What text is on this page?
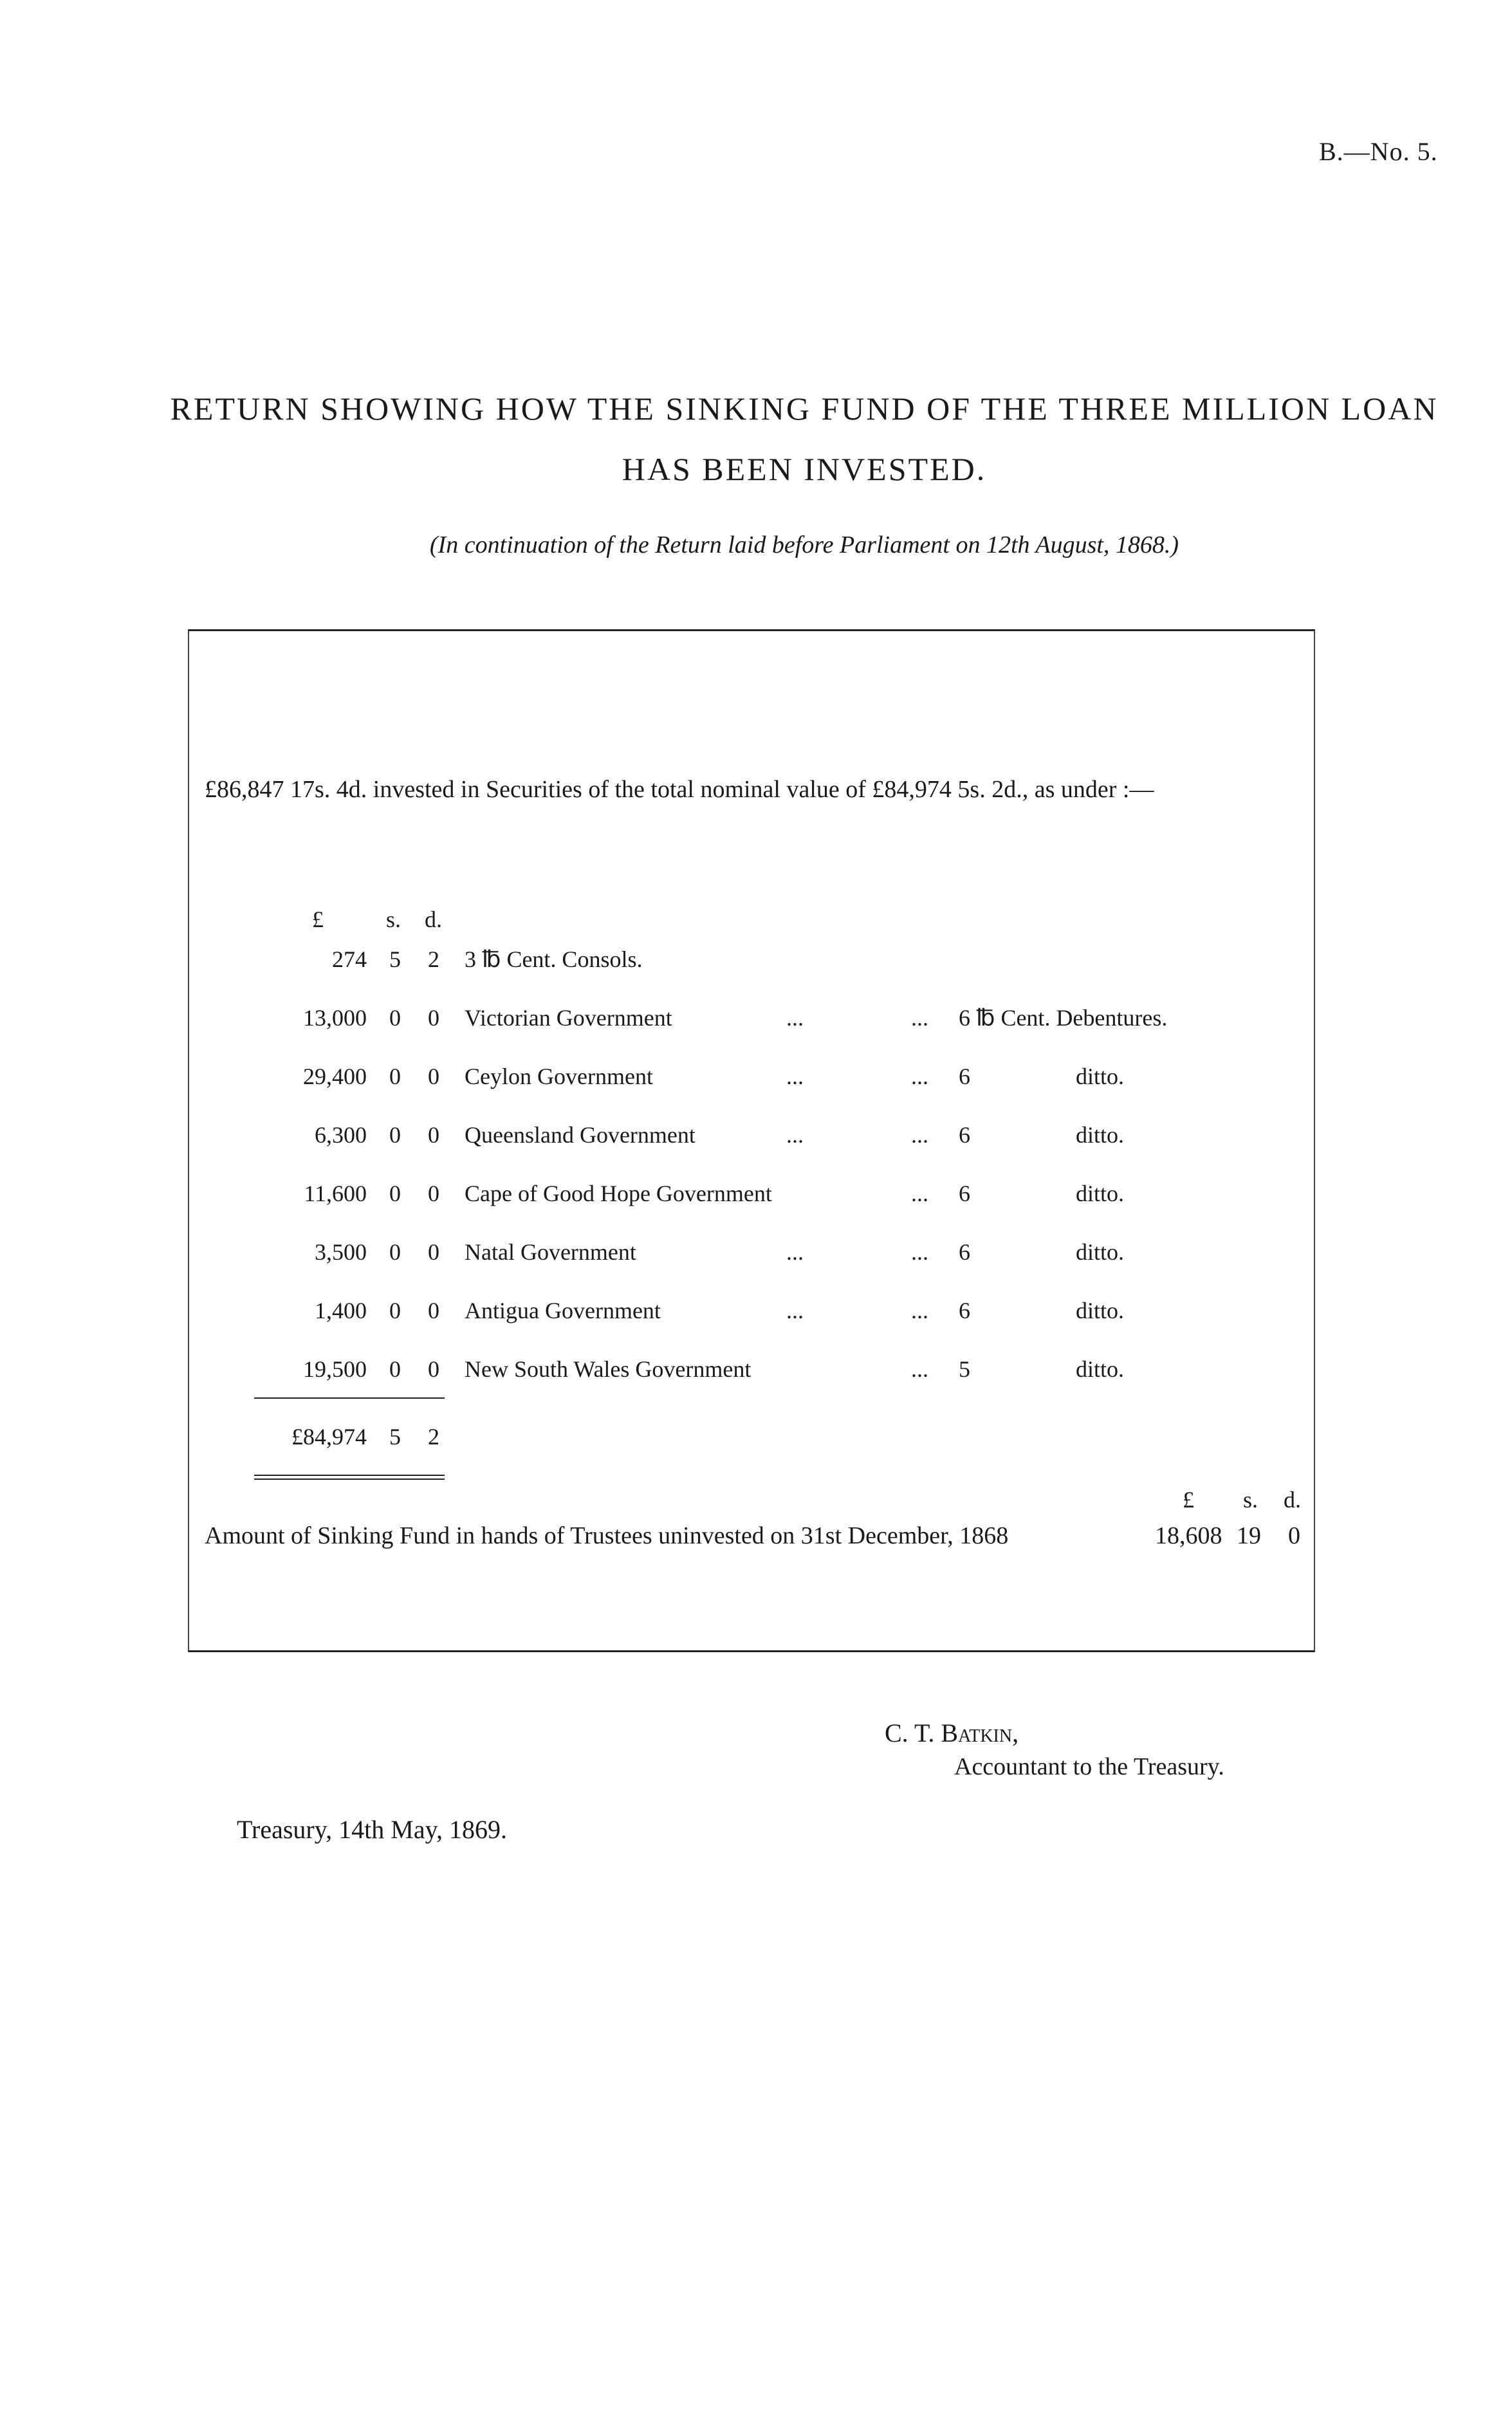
B.—No. 5.
RETURN SHOWING HOW THE SINKING FUND OF THE THREE MILLION LOAN
HAS BEEN INVESTED.
(In continuation of the Return laid before Parliament on 12th August, 1868.)
£86,847 17s. 4d. invested in Securities of the total nominal value of £84,974 5s. 2d., as under :—
£	s. d.
274 5 2 3 ℔ Cent. Consols.
13,000 0 0 Victorian Government	...	... 6 ℔ Cent. Debentures.
29,400 0 0 Ceylon Government	...	... 6	ditto.
6,300 0 0 Queensland Government	...	... 6	ditto.
11,600 0 0 Cape of Good Hope Government	... 6	ditto.
3,500 0 0 Natal Government	...	... 6	ditto.
1,400 0 0 Antigua Government	...	... 6	ditto.
19,500 0 0 New South Wales Government	... 5	ditto.
£84,974 5 2
£ s. d.
Amount of Sinking Fund in hands of Trustees uninvested on 31st December, 1868	18,608 19 0
C. T. Batkin,
Accountant to the Treasury.
Treasury, 14th May, 1869.
